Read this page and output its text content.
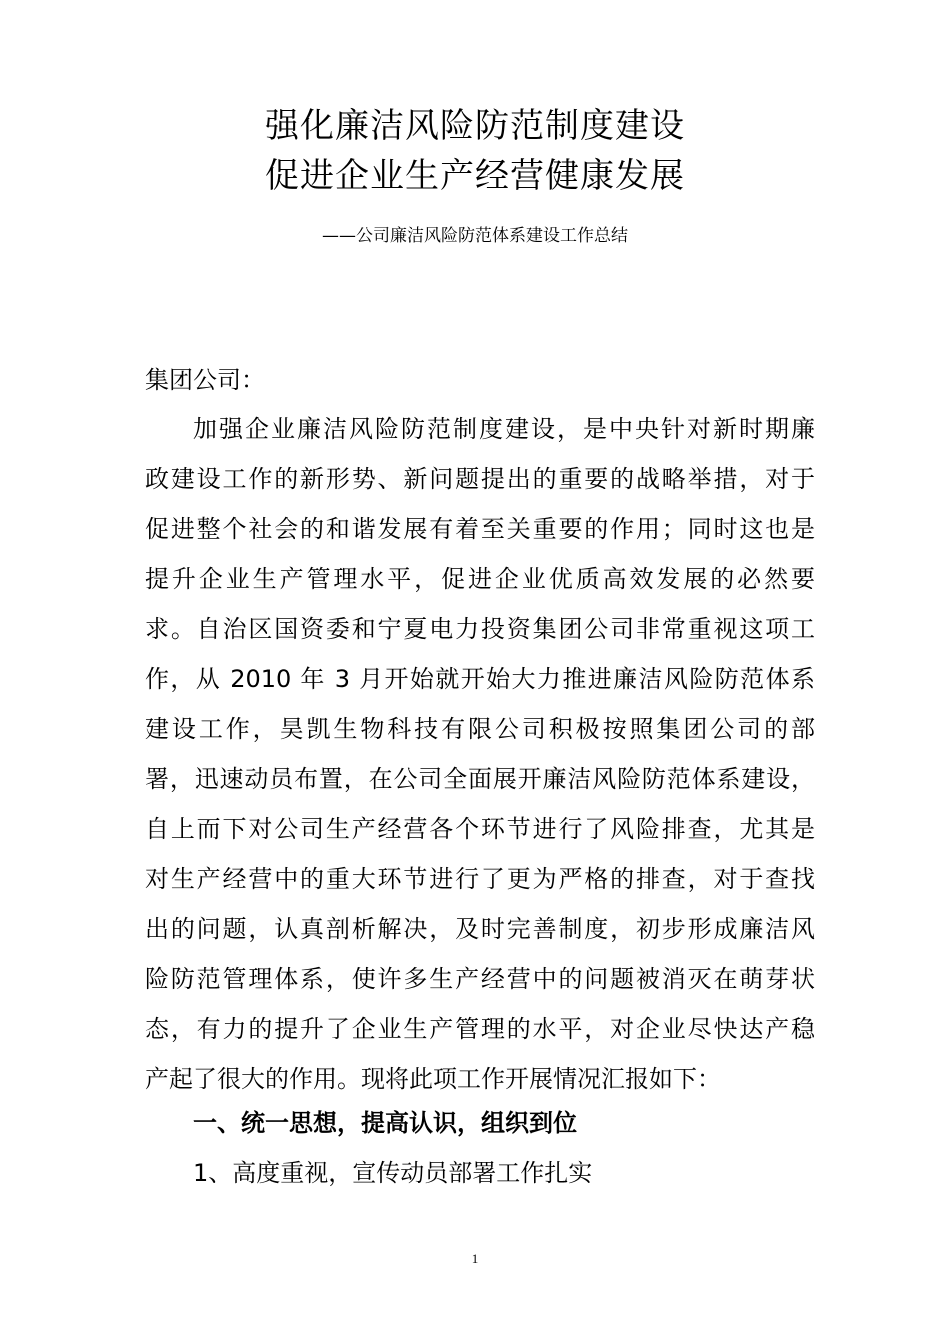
强化廉洁风险防范制度建设
促进企业生产经营健康发展
——公司廉洁风险防范体系建设工作总结
集团公司：
加强企业廉洁风险防范制度建设，是中央针对新时期廉
政建设工作的新形势、新问题提出的重要的战略举措，对于
促进整个社会的和谐发展有着至关重要的作用；同时这也是
提升企业生产管理水平，促进企业优质高效发展的必然要
求。自治区国资委和宁夏电力投资集团公司非常重视这项工
作，从 2010 年 3 月开始就开始大力推进廉洁风险防范体系
建设工作，昊凯生物科技有限公司积极按照集团公司的部
署，迅速动员布置，在公司全面展开廉洁风险防范体系建设，
自上而下对公司生产经营各个环节进行了风险排查，尤其是
对生产经营中的重大环节进行了更为严格的排查，对于查找
出的问题，认真剖析解决，及时完善制度，初步形成廉洁风
险防范管理体系，使许多生产经营中的问题被消灭在萌芽状
态，有力的提升了企业生产管理的水平，对企业尽快达产稳
产起了很大的作用。现将此项工作开展情况汇报如下：
一、统一思想，提高认识，组织到位
1、高度重视，宣传动员部署工作扎实
1
